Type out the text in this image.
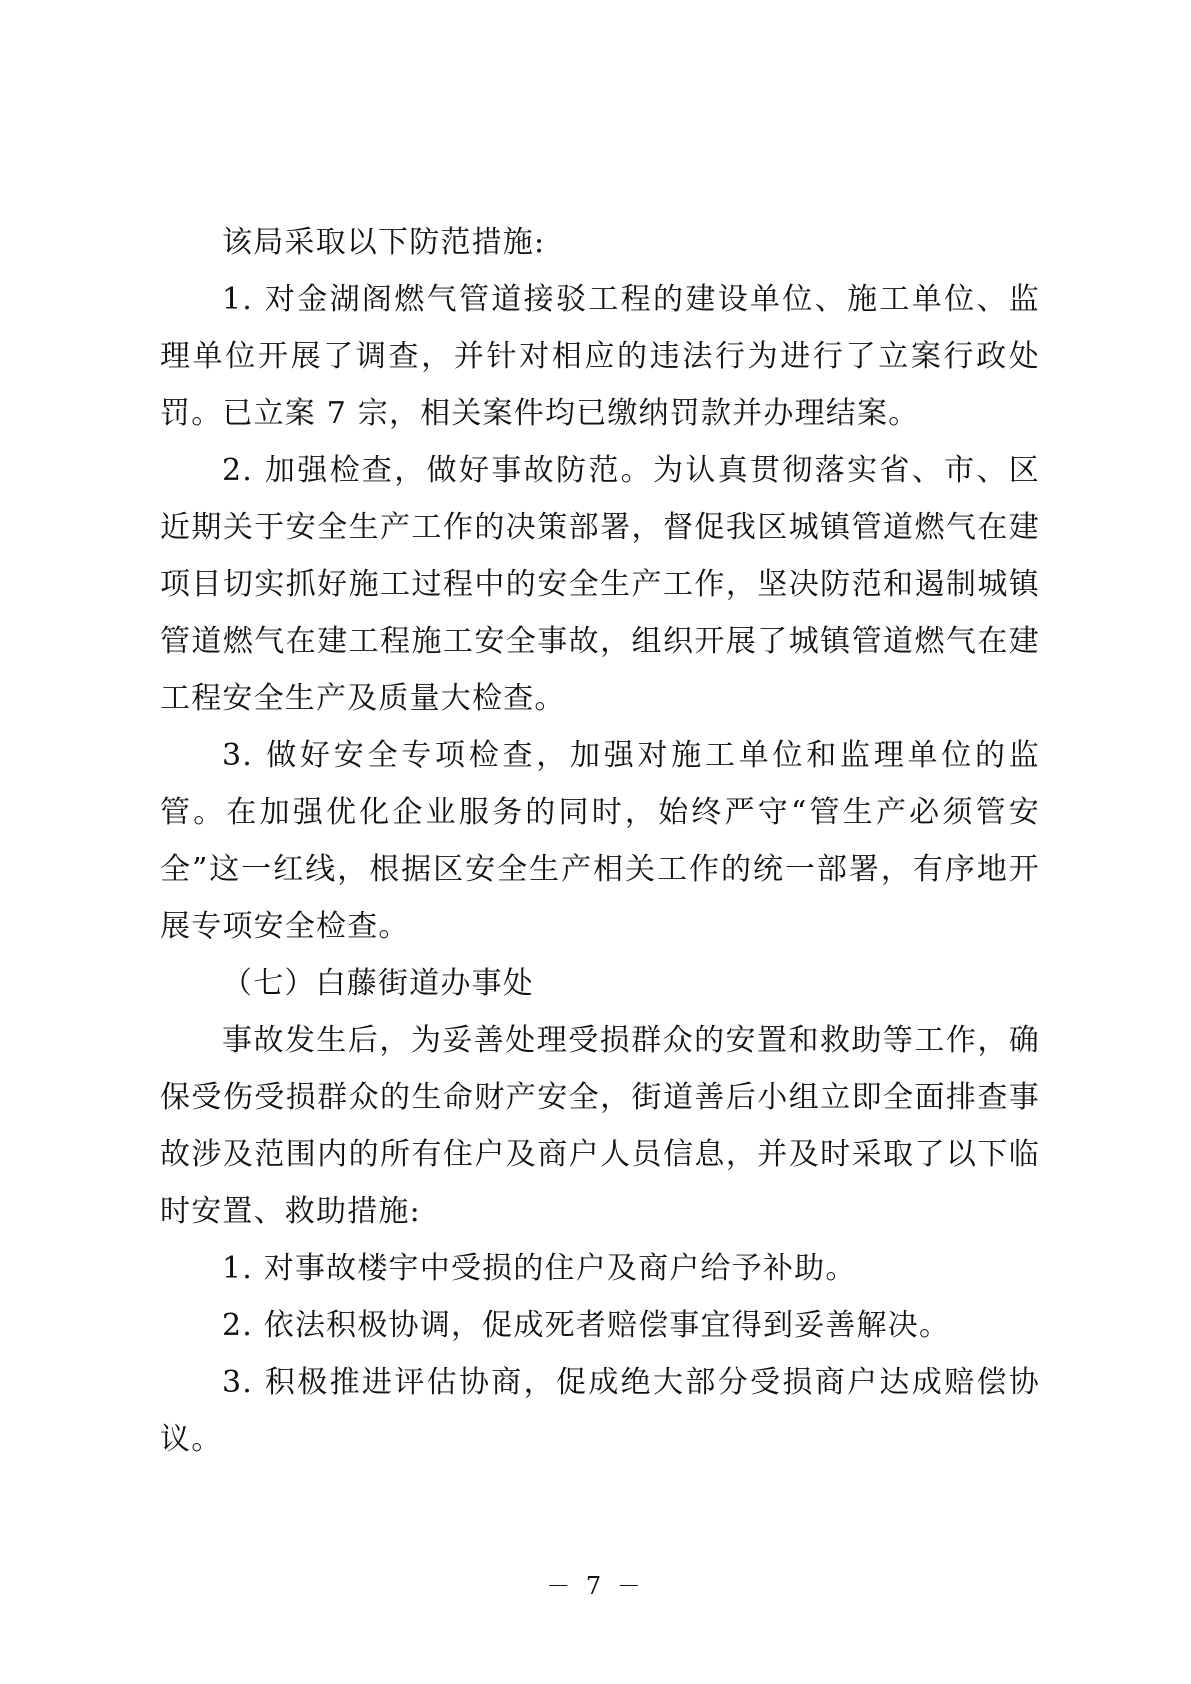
该局采取以下防范措施:

1. 对金湖阁燃气管道接驳工程的建设单位、施工单位、监理单位开展了调查，并针对相应的违法行为进行了立案行政处罚。已立案 7 宗，相关案件均已缴纳罚款并办理结案。

2. 加强检查，做好事故防范。为认真贯彻落实省、市、区近期关于安全生产工作的决策部署，督促我区城镇管道燃气在建项目切实抓好施工过程中的安全生产工作，坚决防范和遏制城镇管道燃气在建工程施工安全事故，组织开展了城镇管道燃气在建工程安全生产及质量大检查。

3. 做好安全专项检查，加强对施工单位和监理单位的监管。在加强优化企业服务的同时，始终严守“管生产必须管安全”这一红线，根据区安全生产相关工作的统一部署，有序地开展专项安全检查。

（七）白藤街道办事处

事故发生后，为妥善处理受损群众的安置和救助等工作，确保受伤受损群众的生命财产安全，街道善后小组立即全面排查事故涉及范围内的所有住户及商户人员信息，并及时采取了以下临时安置、救助措施:

1. 对事故楼宇中受损的住户及商户给予补助。

2. 依法积极协调，促成死者赔偿事宜得到妥善解决。

3. 积极推进评估协商，促成绝大部分受损商户达成赔偿协议。

－ 7 －
